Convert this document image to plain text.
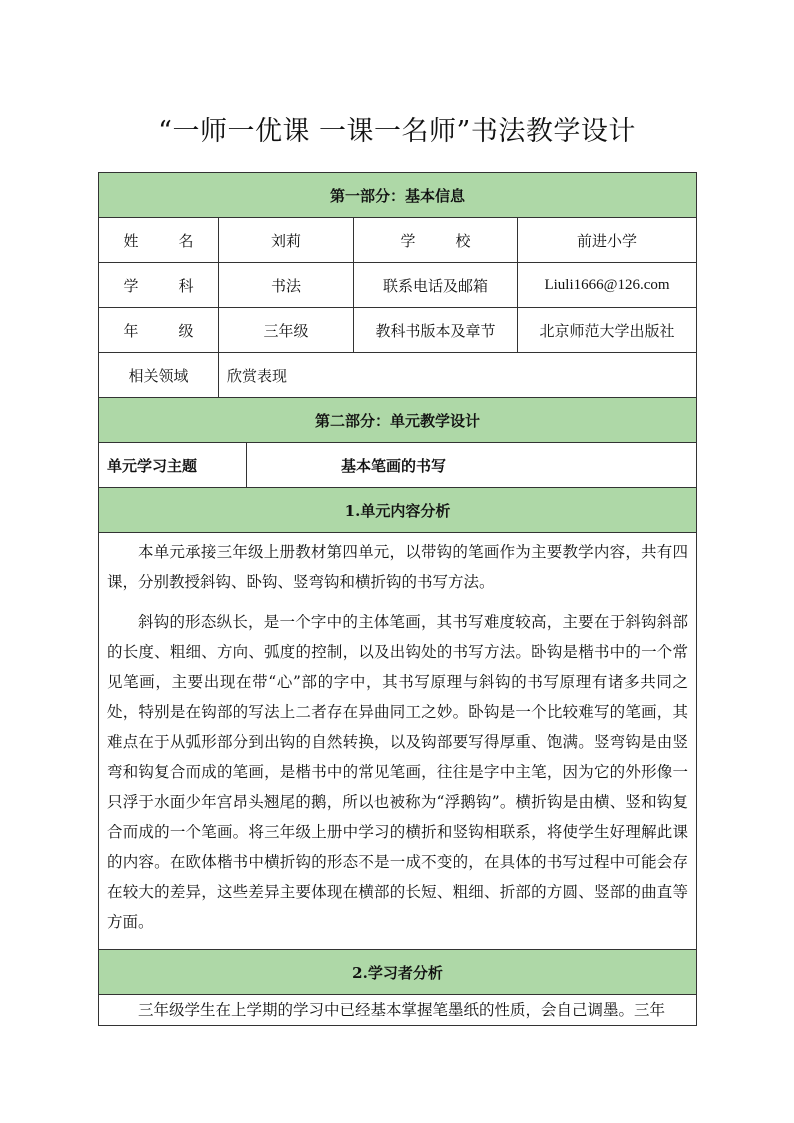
“一师一优课 一课一名师”书法教学设计
第一部分：基本信息				
姓名	刘莉		学校	前进小学
学科	书法		联系电话及邮箱	Liuli1666@126.com
年级	三年级		教科书版本及章节	北京师范大学出版社
相关领域	欣赏表现			
第二部分：单元教学设计				
单元学习主题		基本笔画的书写		
1.单元内容分析				

本单元承接三年级上册教材第四单元，以带钩的笔画作为主要教学内容，共有四课，分别教授斜钩、卧钩、竖弯钩和横折钩的书写方法。

斜钩的形态纵长，是一个字中的主体笔画，其书写难度较高，主要在于斜钩斜部的长度、粗细、方向、弧度的控制，以及出钩处的书写方法。卧钩是楷书中的一个常见笔画，主要出现在带“心”部的字中，其书写原理与斜钩的书写原理有诸多共同之处，特别是在钩部的写法上二者存在异曲同工之妙。卧钩是一个比较难写的笔画，其难点在于从弧形部分到出钩的自然转换，以及钩部要写得厚重、饱满。竖弯钩是由竖弯和钩复合而成的笔画，是楷书中的常见笔画，往往是字中主笔，因为它的外形像一只浮于水面少年宫昂头翘尾的鹅，所以也被称为“浮鹅钩”。横折钩是由横、竖和钩复合而成的一个笔画。将三年级上册中学习的横折和竖钩相联系，将使学生好理解此课的内容。在欧体楷书中横折钩的形态不是一成不变的，在具体的书写过程中可能会存在较大的差异，这些差异主要体现在横部的长短、粗细、折部的方圆、竖部的曲直等方面。				

2.学习者分析				

三年级学生在上学期的学习中已经基本掌握笔墨纸的性质，会自己调墨。三年				
